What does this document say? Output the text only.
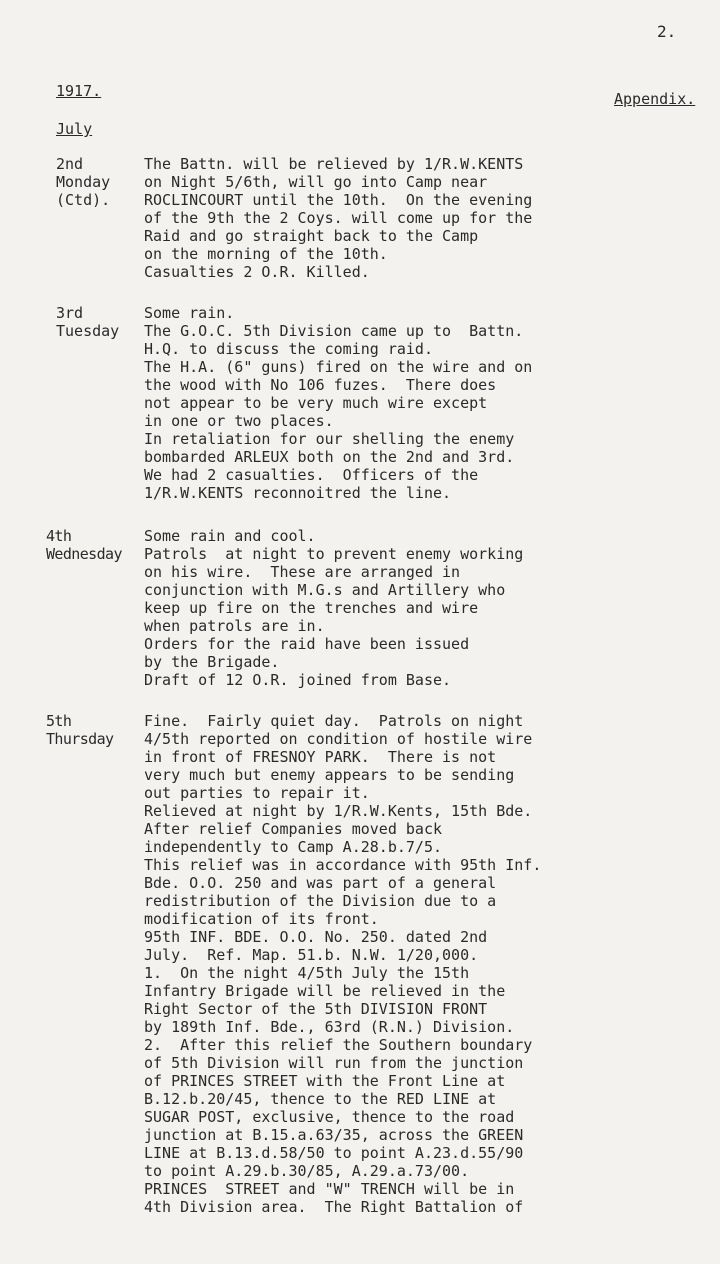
2.
1917.	Appendix.
July
2nd
Monday
(Ctd).
The Battn. will be relieved by 1/R.W.KENTS
on Night 5/6th, will go into Camp near
ROCLINCOURT until the 10th.  On the evening
of the 9th the 2 Coys. will come up for the
Raid and go straight back to the Camp
on the morning of the 10th.
Casualties 2 O.R. Killed.
3rd
Tuesday
Some rain.
The G.O.C. 5th Division came up to  Battn.
H.Q. to discuss the coming raid.
The H.A. (6" guns) fired on the wire and on
the wood with No 106 fuzes.  There does
not appear to be very much wire except
in one or two places.
In retaliation for our shelling the enemy
bombarded ARLEUX both on the 2nd and 3rd.
We had 2 casualties.  Officers of the
1/R.W.KENTS reconnoitred the line.
4th
Wednesday
Some rain and cool.
Patrols  at night to prevent enemy working
on his wire.  These are arranged in
conjunction with M.G.s and Artillery who
keep up fire on the trenches and wire
when patrols are in.
Orders for the raid have been issued
by the Brigade.
Draft of 12 O.R. joined from Base.
5th
Thursday
Fine.  Fairly quiet day.  Patrols on night
4/5th reported on condition of hostile wire
in front of FRESNOY PARK.  There is not
very much but enemy appears to be sending
out parties to repair it.
Relieved at night by 1/R.W.Kents, 15th Bde.
After relief Companies moved back
independently to Camp A.28.b.7/5.
This relief was in accordance with 95th Inf.
Bde. O.O. 250 and was part of a general
redistribution of the Division due to a
modification of its front.
95th INF. BDE. O.O. No. 250. dated 2nd
July.  Ref. Map. 51.b. N.W. 1/20,000.
1.  On the night 4/5th July the 15th
Infantry Brigade will be relieved in the
Right Sector of the 5th DIVISION FRONT
by 189th Inf. Bde., 63rd (R.N.) Division.
2.  After this relief the Southern boundary
of 5th Division will run from the junction
of PRINCES STREET with the Front Line at
B.12.b.20/45, thence to the RED LINE at
SUGAR POST, exclusive, thence to the road
junction at B.15.a.63/35, across the GREEN
LINE at B.13.d.58/50 to point A.23.d.55/90
to point A.29.b.30/85, A.29.a.73/00.
PRINCES  STREET and "W" TRENCH will be in
4th Division area.  The Right Battalion of
